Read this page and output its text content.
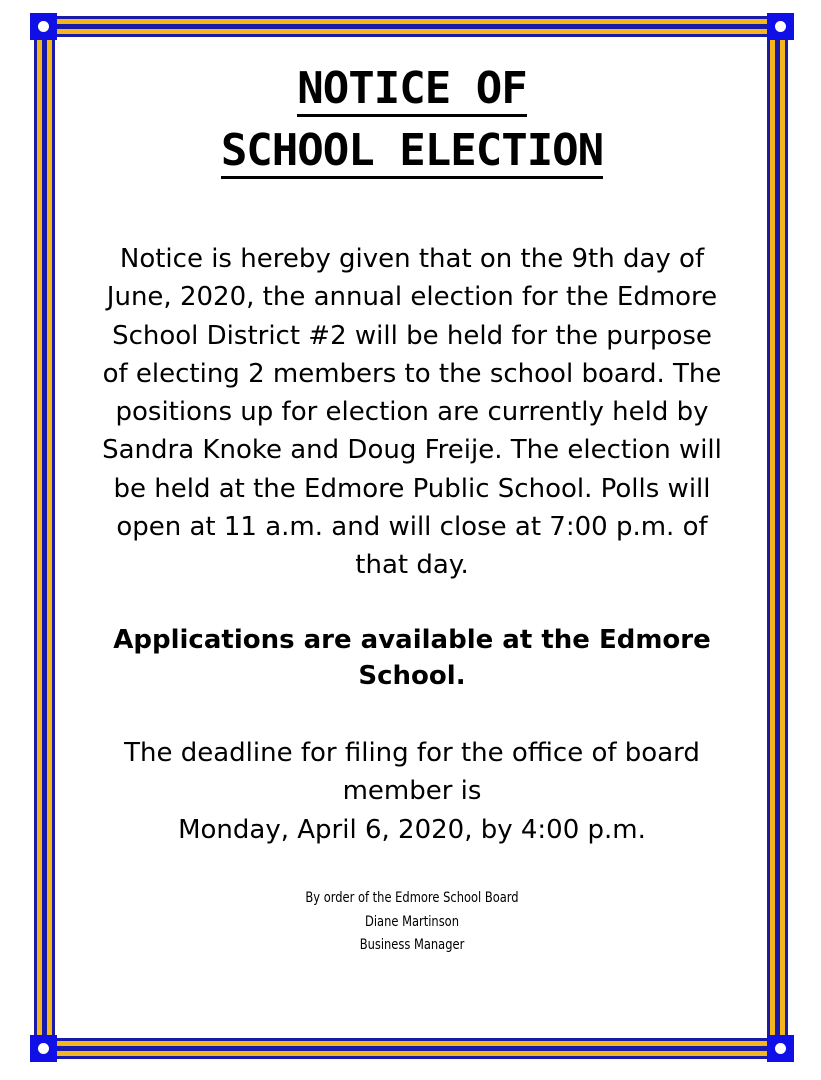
NOTICE OF
SCHOOL ELECTION

Notice is hereby given that on the 9th day of June, 2020, the annual election for the Edmore School District #2 will be held for the purpose of electing 2 members to the school board. The positions up for election are currently held by Sandra Knoke and Doug Freije. The election will be held at the Edmore Public School. Polls will open at 11 a.m. and will close at 7:00 p.m. of that day.

Applications are available at the Edmore School.

The deadline for filing for the office of board member is
Monday, April 6, 2020, by 4:00 p.m.
By order of the Edmore School Board
Diane Martinson
Business Manager
